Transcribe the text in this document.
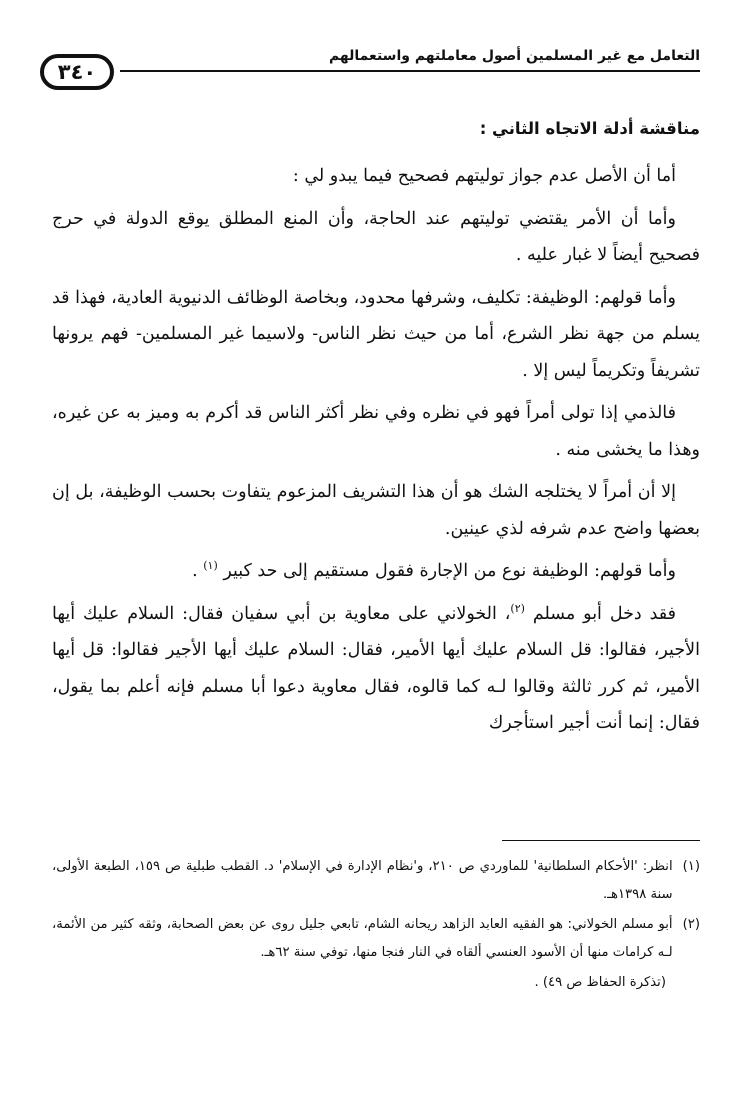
التعامل مع غير المسلمين أصول معاملتهم واستعمالهم
٣٤٠
مناقشة أدلة الاتجاه الثاني :

أما أن الأصل عدم جواز توليتهم فصحيح فيما يبدو لي :

وأما أن الأمر يقتضي توليتهم عند الحاجة، وأن المنع المطلق يوقع الدولة في حرج فصحيح أيضاً لا غبار عليه .

وأما قولهم: الوظيفة: تكليف، وشرفها محدود، وبخاصة الوظائف الدنيوية العادية، فهذا قد يسلم من جهة نظر الشرع، أما من حيث نظر الناس- ولاسيما غير المسلمين- فهم يرونها تشريفاً وتكريماً ليس إلا .

فالذمي إذا تولى أمراً فهو في نظره وفي نظر أكثر الناس قد أكرم به وميز به عن غيره، وهذا ما يخشى منه .

إلا أن أمراً لا يختلجه الشك هو أن هذا التشريف المزعوم يتفاوت بحسب الوظيفة، بل إن بعضها واضح عدم شرفه لذي عينين.

وأما قولهم: الوظيفة نوع من الإجارة فقول مستقيم إلى حد كبير $^{(١)}$ .

فقد دخل أبو مسلم $^{(٢)}$، الخولاني على معاوية بن أبي سفيان فقال: السلام عليك أيها الأجير، فقالوا: قل السلام عليك أيها الأمير، فقال: السلام عليك أيها الأجير فقالوا: قل أيها الأمير، ثم كرر ثالثة وقالوا لـه كما قالوه، فقال معاوية دعوا أبا مسلم فإنه أعلم بما يقول، فقال: إنما أنت أجير استأجرك

(١)
انظر: 'الأحكام السلطانية' للماوردي ص ٢١٠، و'نظام الإدارة في الإسلام' د. القطب طبلية ص ١٥٩، الطبعة الأولى، سنة ١٣٩٨هـ.
(٢)
أبو مسلم الخولاني: هو الفقيه العابد الزاهد ريحانه الشام، تابعي جليل روى عن بعض الصحابة، وثقه كثير من الأئمة، لـه كرامات منها أن الأسود العنسي ألقاه في النار فنجا منها، توفي سنة ٦٢هـ.

(تذكرة الحفاظ ص ٤٩) .
